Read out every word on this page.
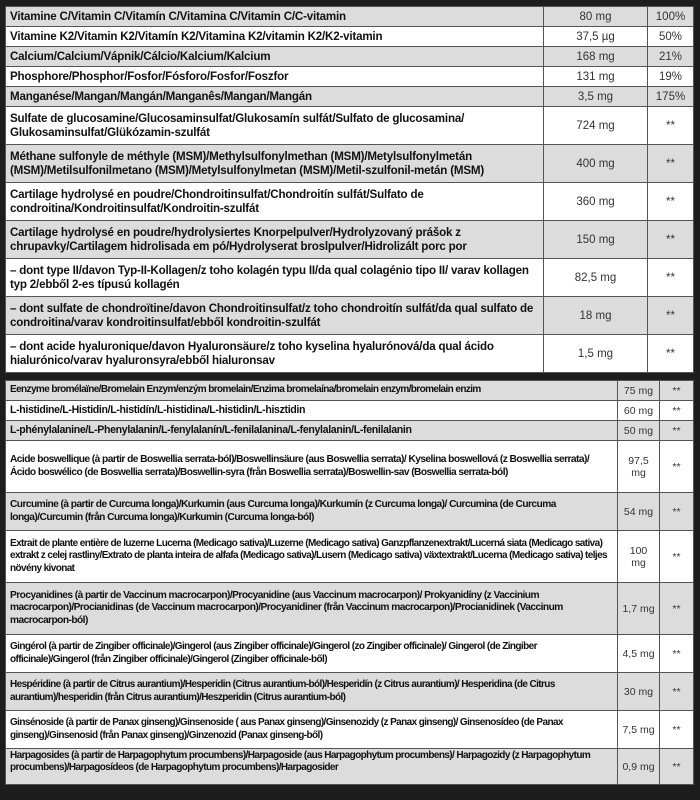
Vitamine C/Vitamin C/Vitamín C/Vitamina C/Vitamin C/C-vitamin	80 mg	100%
Vitamine K2/Vitamin K2/Vitamín K2/Vitamina K2/vitamin K2/K2-vitamin	37,5 µg	50%
Calcium/Calcium/Vápnik/Cálcio/Kalcium/Kalcium	168 mg	21%
Phosphore/Phosphor/Fosfor/Fósforo/Fosfor/Foszfor	131 mg	19%
Manganése/Mangan/Mangán/Manganês/Mangan/Mangán	3,5 mg	175%
Sulfate de glucosamine/Glucosaminsulfat/Glukosamín sulfát/Sulfato de glucosamina/ Glukosaminsulfat/Glükózamin-szulfát	724 mg	**
Méthane sulfonyle de méthyle (MSM)/Methylsulfonylmethan (MSM)/Metylsulfonylmetán (MSM)/Metilsulfonilmetano (MSM)/Metylsulfonylmetan (MSM)/Metil-szulfonil-metán (MSM)	400 mg	**
Cartilage hydrolysé en poudre/Chondroitinsulfat/Chondroitín sulfát/Sulfato de condroitina/Kondroitinsulfat/Kondroitin-szulfát	360 mg	**
Cartilage hydrolysé en poudre/hydrolysiertes Knorpelpulver/Hydrolyzovaný prášok z chrupavky/Cartilagem hidrolisada em pó/Hydrolyserat broslpulver/Hidrolizált porc por	150 mg	**
– dont type II/davon Typ-II-Kollagen/z toho kolagén typu II/da qual colagénio tipo II/ varav kollagen typ 2/ebből 2-es típusú kollagén	82,5 mg	**
– dont sulfate de chondroïtine/davon Chondroitinsulfat/z toho chondroitín sulfát/da qual sulfato de condroitina/varav kondroitinsulfat/ebből kondroitin-szulfát	18 mg	**
– dont acide hyaluronique/davon Hyaluronsäure/z toho kyselina hyalurónová/da qual ácido hialurónico/varav hyaluronsyra/ebből hialuronsav	1,5 mg	**
Eenzyme bromélaïne/Bromelain Enzym/enzým bromelain/Enzima bromelaína/bromelain enzym/bromelain enzim	75 mg	**
L-histidine/L-Histidin/L-histidín/L-histidina/L-histidin/L-hisztidin	60 mg	**
L-phénylalanine/L-Phenylalanin/L-fenylalanín/L-fenilalanina/L-fenylalanin/L-fenilalanin	50 mg	**
Acide boswellique (à partir de Boswellia serrata-ból)/Boswellinsäure (aus Boswellia serrata)/ Kyselina boswellová (z Boswellia serrata)/Ácido boswélico (de Boswellia serrata)/Boswellin-syra (från Boswellia serrata)/Boswellin-sav (Boswellia serrata-ból)	97,5 mg	**
Curcumine (à partir de Curcuma longa)/Kurkumin (aus Curcuma longa)/Kurkumín (z Curcuma longa)/ Curcumina (de Curcuma longa)/Curcumin (från Curcuma longa)/Kurkumin (Curcuma longa-ból)	54 mg	**
Extrait de plante entière de luzerne Lucerna (Medicago sativa)/Luzerne (Medicago sativa) Ganzpflanzenextrakt/Lucerná siata (Medicago sativa) extrakt z celej rastliny/Extrato de planta inteira de alfafa (Medicago sativa)/Lusern (Medicago sativa) växtextrakt/Lucerna (Medicago sativa) teljes növény kivonat	100 mg	**
Procyanidines (à partir de Vaccinum macrocarpon)/Procyanidine (aus Vaccinum macrocarpon)/ Prokyanidíny (z Vaccinium macrocarpon)/Procianidinas (de Vaccinum macrocarpon)/Procyanidiner (från Vaccinum macrocarpon)/Procianidinek (Vaccinum macrocarpon-ból)	1,7 mg	**
Gingérol (à partir de Zingiber officinale)/Gingerol (aus Zingiber officinale)/Gingerol (zo Zingiber officinale)/ Gingerol (de Zingiber officinale)/Gingerol (från Zingiber officinale)/Gingerol (Zingiber officinale-ből)	4,5 mg	**
Hespéridine (à partir de Citrus aurantium)/Hesperidin (Citrus aurantium-ból)/Hesperidín (z Citrus aurantium)/ Hesperidina (de Citrus aurantium)/hesperidin (från Citrus aurantium)/Heszperidin (Citrus aurantium-ból)	30 mg	**
Ginsénoside (à partir de Panax ginseng)/Ginsenoside ( aus Panax ginseng)/Ginsenozidy (z Panax ginseng)/ Ginsenosídeo (de Panax ginseng)/Ginsenosid (från Panax ginseng)/Ginzenozid (Panax ginseng-ből)	7,5 mg	**

Harpagosides (à partir de Harpagophytum procumbens)/Harpagoside (aus Harpagophytum procumbens)/ Harpagozidy (z Harpagophytum procumbens)/Harpagosídeos (de Harpagophytum procumbens)/Harpagosider	0,9 mg	**
